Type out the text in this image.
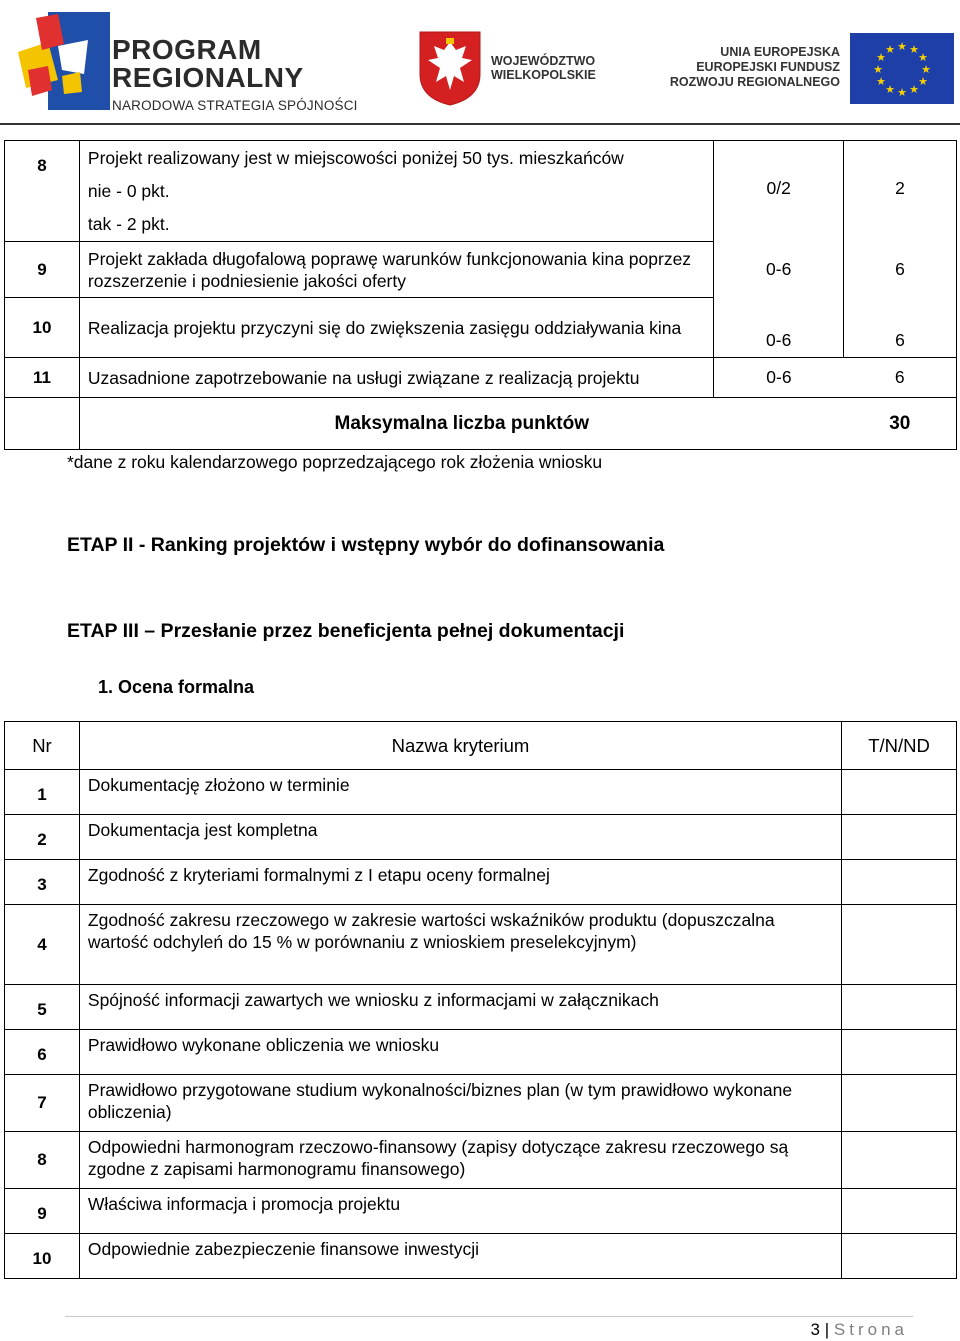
PROGRAM
REGIONALNY
NARODOWA STRATEGIA SPÓJNOŚCI
WOJEWÓDZTWO
WIELKOPOLSKIE
UNIA EUROPEJSKA
EUROPEJSKI FUNDUSZ
ROZWOJU REGIONALNEGO
★ ★
★
★
★
★
★
★
★
★
★
★
8	Projekt realizowany jest w miejscowości poniżej 50 tys. mieszkańców
nie - 0 pkt.
tak - 2 pkt.	0/2	2
9	Projekt zakłada długofalową poprawę warunków funkcjonowania kina poprzez rozszerzenie i podniesienie jakości oferty	0-6	6
10	Realizacja projektu przyczyni się do zwiększenia zasięgu oddziaływania kina	0-6	6
11	Uzasadnione zapotrzebowanie na usługi związane z realizacją projektu	0-6	6
	Maksymalna liczba punktów		30
*dane z roku kalendarzowego poprzedzającego rok złożenia wniosku
ETAP II - Ranking projektów i wstępny wybór do dofinansowania
ETAP III – Przesłanie przez beneficjenta pełnej dokumentacji
1. Ocena formalna
Nr	Nazwa kryterium	T/N/ND
1	Dokumentację złożono w terminie	
2	Dokumentacja jest kompletna	
3	Zgodność z kryteriami formalnymi z I etapu oceny formalnej	
4	Zgodność zakresu rzeczowego w zakresie wartości wskaźników produktu (dopuszczalna wartość odchyleń do 15 % w porównaniu z wnioskiem preselekcyjnym)	
5	Spójność informacji zawartych we wniosku z informacjami w załącznikach	
6	Prawidłowo wykonane obliczenia we wniosku	
7	Prawidłowo przygotowane studium wykonalności/biznes plan (w tym prawidłowo wykonane obliczenia)	
8	Odpowiedni harmonogram rzeczowo-finansowy (zapisy dotyczące zakresu rzeczowego są zgodne z zapisami harmonogramu finansowego)	
9	Właściwa informacja i promocja projektu	
10	Odpowiednie zabezpieczenie finansowe inwestycji	
3 | Strona
